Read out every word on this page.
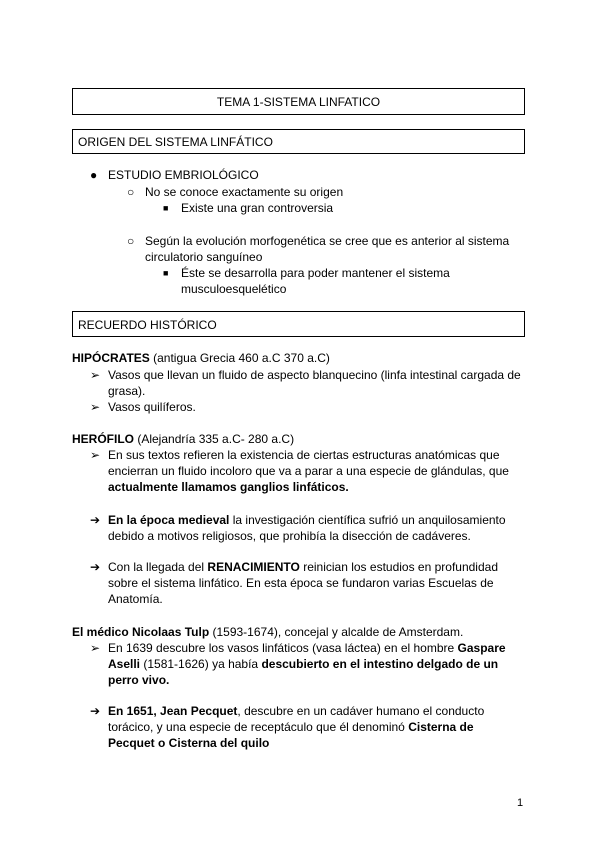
TEMA 1-SISTEMA LINFATICO
ORIGEN DEL SISTEMA LINFÁTICO
● ESTUDIO EMBRIOLÓGICO
○ No se conoce exactamente su origen
■ Existe una gran controversia
○ Según la evolución morfogenética se cree que es anterior al sistema
circulatorio sanguíneo
■ Éste se desarrolla para poder mantener el sistema
musculoesquelético
RECUERDO HISTÓRICO
HIPÓCRATES (antigua Grecia 460 a.C 370 a.C)
➢ Vasos que llevan un fluido de aspecto blanquecino (linfa intestinal cargada de
grasa).
➢ Vasos quilíferos.
HERÓFILO (Alejandría 335 a.C- 280 a.C)
➢ En sus textos refieren la existencia de ciertas estructuras anatómicas que
encierran un fluido incoloro que va a parar a una especie de glándulas, que
actualmente llamamos ganglios linfáticos.
➔ En la época medieval la investigación científica sufrió un anquilosamiento
debido a motivos religiosos, que prohibía la disección de cadáveres.
➔ Con la llegada del RENACIMIENTO reinician los estudios en profundidad
sobre el sistema linfático. En esta época se fundaron varias Escuelas de
Anatomía.
El médico Nicolaas Tulp (1593-1674), concejal y alcalde de Amsterdam.
➢ En 1639 descubre los vasos linfáticos (vasa láctea) en el hombre Gaspare
Aselli (1581-1626) ya había descubierto en el intestino delgado de un
perro vivo.
➔ En 1651, Jean Pecquet, descubre en un cadáver humano el conducto
torácico, y una especie de receptáculo que él denominó Cisterna de
Pecquet o Cisterna del quilo
1
